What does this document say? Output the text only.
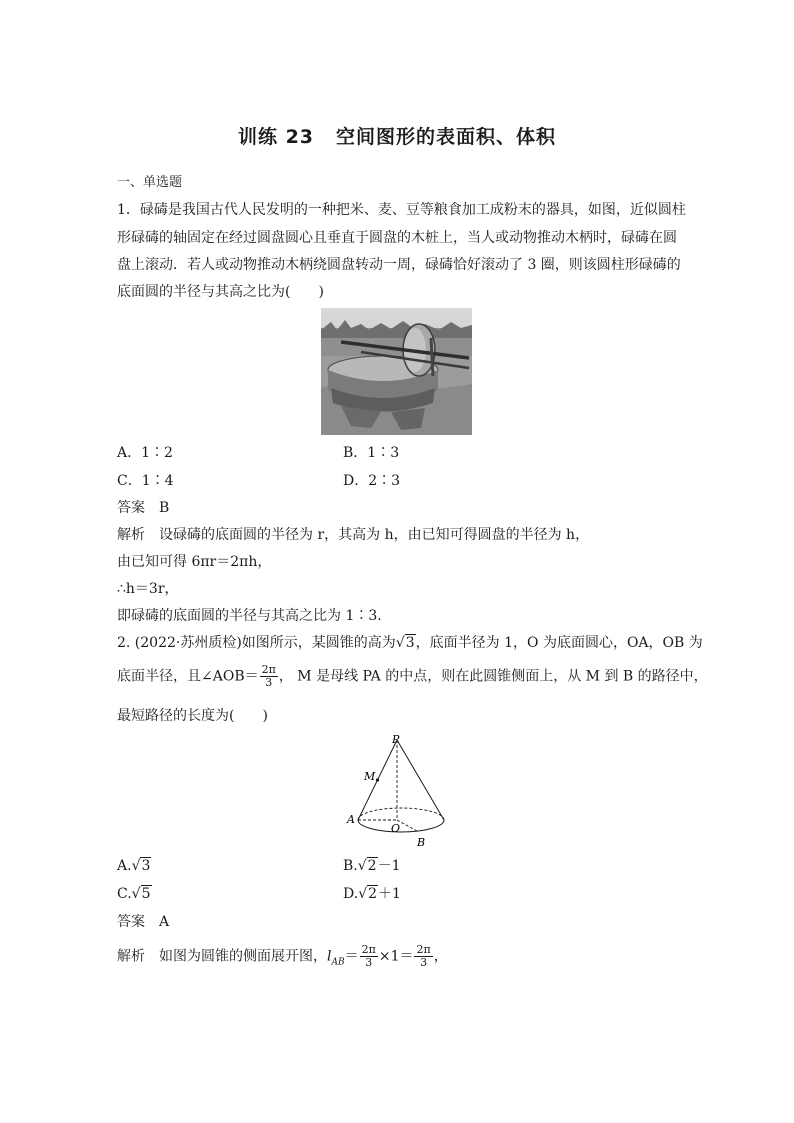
训练 23 空间图形的表面积、体积
一、单选题
1．碌碡是我国古代人民发明的一种把米、麦、豆等粮食加工成粉末的器具，如图，近似圆柱
形碌碡的轴固定在经过圆盘圆心且垂直于圆盘的木桩上，当人或动物推动木柄时，碌碡在圆
盘上滚动．若人或动物推动木柄绕圆盘转动一周，碌碡恰好滚动了 3 圈，则该圆柱形碌碡的
底面圆的半径与其高之比为(　　)
A．1∶2	B．1∶3
C．1∶4	D．2∶3
答案　 B
解析　 设碌碡的底面圆的半径为 r，其高为 h，由已知可得圆盘的半径为 h，
由已知可得 6πr＝2πh，
∴h＝3r，
即碌碡的底面圆的半径与其高之比为 1∶3.
2. (2022·苏州质检)如图所示，某圆锥的高为√3，底面半径为 1，O 为底面圆心，OA，OB 为
底面半径，且∠AOB＝ $\frac{2\pi}{3}$ ， M 是母线 PA 的中点，则在此圆锥侧面上，从 M 到 B 的路径中，
最短路径的长度为(　　)
P
M
A
O
B
A.√3	B.√2－1
C.√5	D.√2＋1
答案　 A
解析　 如图为圆锥的侧面展开图，$l_{AB}= \frac{2\pi}{3} \times 1= \frac{2\pi}{3}$ ，
